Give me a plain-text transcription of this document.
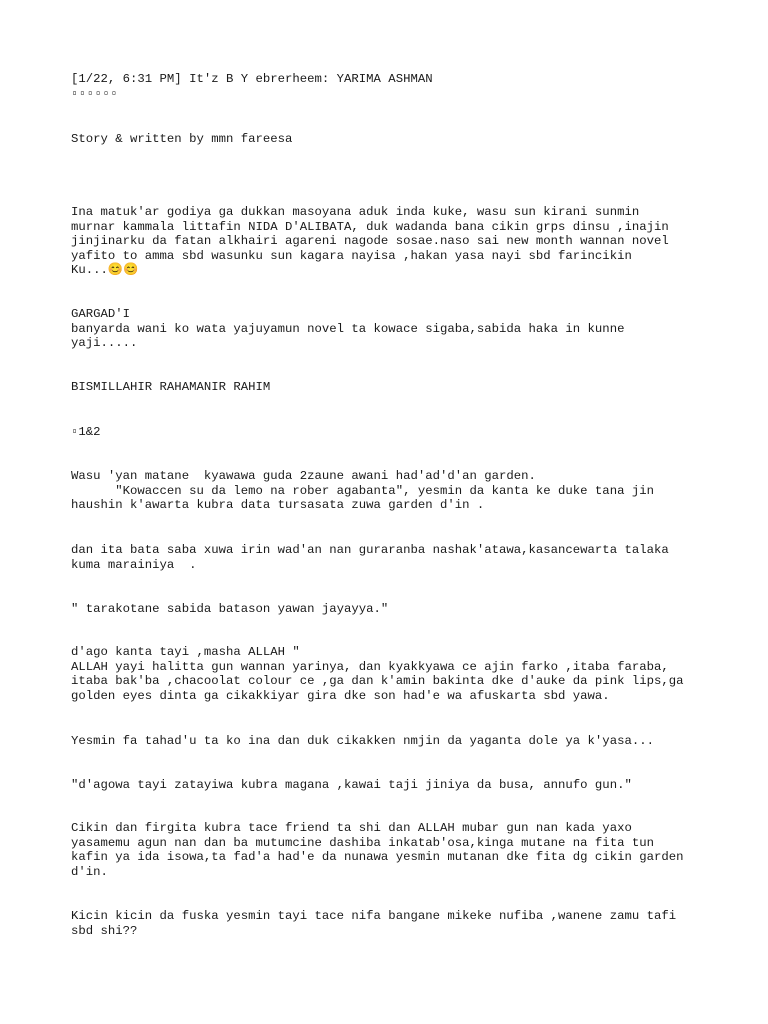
[1/22, 6:31 PM] It'z B Y ebrerheem: YARIMA ASHMAN

▫▫▫▫▫▫

Story & written by mmn fareesa

Ina matuk'ar godiya ga dukkan masoyana aduk inda kuke, wasu sun kirani sunmin
murnar kammala littafin NIDA D'ALIBATA, duk wadanda bana cikin grps dinsu ,inajin
jinjinarku da fatan alkhairi agareni nagode sosae.naso sai new month wannan novel
yafito to amma sbd wasunku sun kagara nayisa ,hakan yasa nayi sbd farincikin
Ku...😊😊

GARGAD'I
banyarda wani ko wata yajuyamun novel ta kowace sigaba,sabida haka in kunne
yaji.....

BISMILLAHIR RAHAMANIR RAHIM

▫1&2

Wasu 'yan matane  kyawawa guda 2zaune awani had'ad'd'an garden.
"Kowaccen su da lemo na rober agabanta", yesmin da kanta ke duke tana jin
haushin k'awarta kubra data tursasata zuwa garden d'in .

dan ita bata saba xuwa irin wad'an nan guraranba nashak'atawa,kasancewarta talaka
kuma marainiya  .

" tarakotane sabida batason yawan jayayya."

d'ago kanta tayi ,masha ALLAH "
ALLAH yayi halitta gun wannan yarinya, dan kyakkyawa ce ajin farko ,itaba faraba,
itaba bak'ba ,chacoolat colour ce ,ga dan k'amin bakinta dke d'auke da pink lips,ga
golden eyes dinta ga cikakkiyar gira dke son had'e wa afuskarta sbd yawa.

Yesmin fa tahad'u ta ko ina dan duk cikakken nmjin da yaganta dole ya k'yasa...

"d'agowa tayi zatayiwa kubra magana ,kawai taji jiniya da busa, annufo gun."

Cikin dan firgita kubra tace friend ta shi dan ALLAH mubar gun nan kada yaxo
yasamemu agun nan dan ba mutumcine dashiba inkatab'osa,kinga mutane na fita tun
kafin ya ida isowa,ta fad'a had'e da nunawa yesmin mutanan dke fita dg cikin garden
d'in.

Kicin kicin da fuska yesmin tayi tace nifa bangane mikeke nufiba ,wanene zamu tafi
sbd shi??
